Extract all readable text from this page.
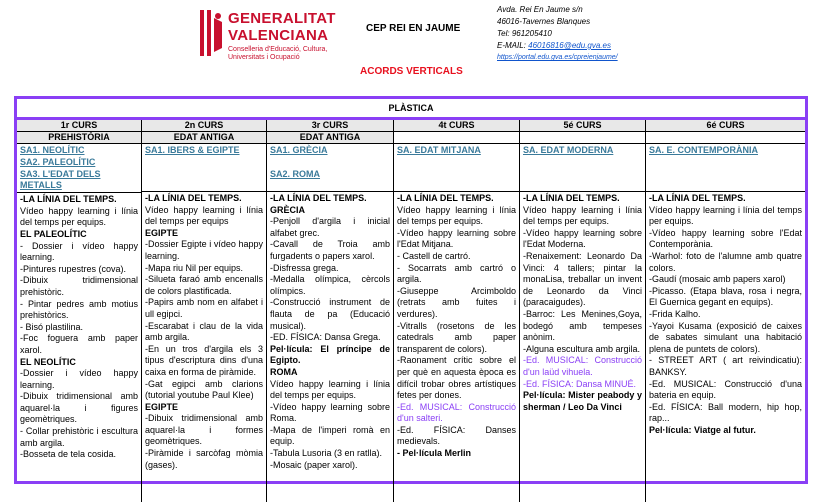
GENERALITAT
VALENCIANA
Conselleria d'Educació, Cultura,
Universitats i Ocupació
CEP REI EN JAUME
ACORDS VERTICALS
Avda. Rei En Jaume s/n
46016-Tavernes Blanques
Tel: 961205410
E-MAIL: 46016816@edu.gva.es
https://portal.edu.gva.es/cpreienjaume/
PLÀSTICA
1r CURS
PREHISTÒRIA
SA1. NEOLÍTIC
SA2. PALEOLÍTIC
SA3. L'EDAT DELS
METALLS
-LA LÍNIA DEL TEMPS.
Vídeo happy learning i línia del temps per equips.
EL PALEOLÍTIC
- Dossier i vídeo happy learning.
-Pintures rupestres (cova).
-Dibuix tridimensional prehistòric.
- Pintar pedres amb motius prehistòrics.
- Bisó plastilina.
-Foc foguera amb paper xarol.
EL NEOLÍTIC
-Dossier i vídeo happy learning.
-Dibuix tridimensional amb aquarel·la i figures geomètriques.
- Collar prehistòric i escultura amb argila.
-Bosseta de tela cosida.
2n CURS
EDAT ANTIGA
SA1. IBERS & EGIPTE
-LA LÍNIA DEL TEMPS.
Vídeo happy learning i línia del temps per equips
EGIPTE
-Dossier Egipte i vídeo happy learning.
-Mapa riu Nil per equips.
-Silueta faraó amb encenalls de colors plastificada.
-Papirs amb nom en alfabet i ull egipci.
-Escarabat i clau de la vida amb argila.
-En un tros d'argila els 3 tipus d'escriptura dins d'una caixa en forma de piràmide.
-Gat egipci amb clarions (tutorial youtube Paul Klee)
EGIPTE
-Dibuix tridimensional amb aquarel·la i formes geomètriques.
-Piràmide i sarcòfag mòmia (gases).
3r CURS
EDAT ANTIGA
SA1. GRÈCIA
SA2. ROMA
-LA LÍNIA DEL TEMPS.
GRÈCIA
-Penjoll d'argila i inicial alfabet grec.
-Cavall de Troia amb furgadents o papers xarol.
-Disfressa grega.
-Medalla olímpica, cèrcols olímpics.
-Construcció instrument de flauta de pa (Educació musical).
-ED. FÍSICA: Dansa Grega.
Pel·lícula: El príncipe de Egipto.
ROMA
Vídeo happy learning i línia del temps per equips.
-Vídeo happy learning sobre Roma.
-Mapa de l'imperi romà en equip.
-Tabula Lusoria (3 en ratlla).
-Mosaic (paper xarol).
4t CURS
SA. EDAT MITJANA
-LA LÍNIA DEL TEMPS.
Vídeo happy learning i línia del temps per equips.
-Vídeo happy learning sobre l'Edat Mitjana.
- Castell de cartró.
- Socarrats amb cartró o argila.
-Giuseppe Arcimboldo (retrats amb fuites i verdures).
-Vitralls (rosetons de les catedrals amb paper transparent de colors).
-Raonament crític sobre el per què en aquesta època es difícil trobar obres artístiques fetes per dones.
-Ed. MUSICAL: Construcció d'un salteri.
-Ed. FÍSICA: Danses medievals.
- Pel·lícula Merlin
5é CURS
SA. EDAT MODERNA
-LA LÍNIA DEL TEMPS.
Vídeo happy learning i línia del temps per equips.
-Vídeo happy learning sobre l'Edat Moderna.
-Renaixement: Leonardo Da Vinci: 4 tallers; pintar la monaLisa, treballar un invent de Leonardo da Vinci (paracaigudes).
-Barroc: Les Menines,Goya, bodegó amb tempeses anònim.
-Alguna escultura amb argila.
-Ed. MUSICAL: Construcció d'un laüd vihuela.
-Ed. FÍSICA: Dansa MINUÉ.
Pel·lícula: Mister peabody y sherman / Leo Da Vinci
6é CURS
SA. E. CONTEMPORÀNIA
-LA LÍNIA DEL TEMPS.
Vídeo happy learning i línia del temps per equips.
-Vídeo happy learning sobre l'Edat Contemporània.
-Warhol: foto de l'alumne amb quatre colors.
-Gaudí (mosaic amb papers xarol)
-Picasso. (Etapa blava, rosa i negra, El Guernica gegant en equips).
-Frida Kalho.
-Yayoi Kusama (exposició de caixes de sabates simulant una habitació plena de puntets de colors).
- STREET ART ( art reivindicatiu): BANKSY.
-Ed. MUSICAL: Construcció d'una bateria en equip.
-Ed. FÍSICA: Ball modern, hip hop, rap...
Pel·lícula: Viatge al futur.
